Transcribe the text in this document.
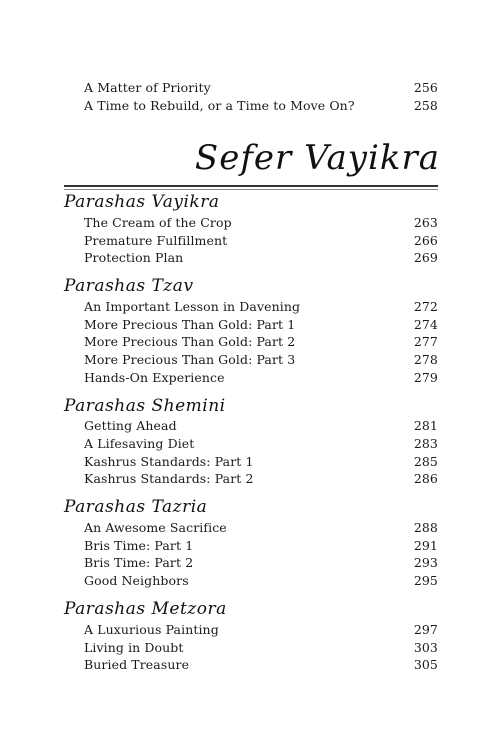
A Matter of Priority	256
A Time to Rebuild, or a Time to Move On?	258
Sefer Vayikra
Parashas Vayikra
The Cream of the Crop	263
Premature Fulfillment	266
Protection Plan	269
Parashas Tzav
An Important Lesson in Davening	272
More Precious Than Gold: Part 1	274
More Precious Than Gold: Part 2	277
More Precious Than Gold: Part 3	278
Hands-On Experience	279
Parashas Shemini
Getting Ahead	281
A Lifesaving Diet	283
Kashrus Standards: Part 1	285
Kashrus Standards: Part 2	286
Parashas Tazria
An Awesome Sacrifice	288
Bris Time: Part 1	291
Bris Time: Part 2	293
Good Neighbors	295
Parashas Metzora
A Luxurious Painting	297
Living in Doubt	303
Buried Treasure	305
